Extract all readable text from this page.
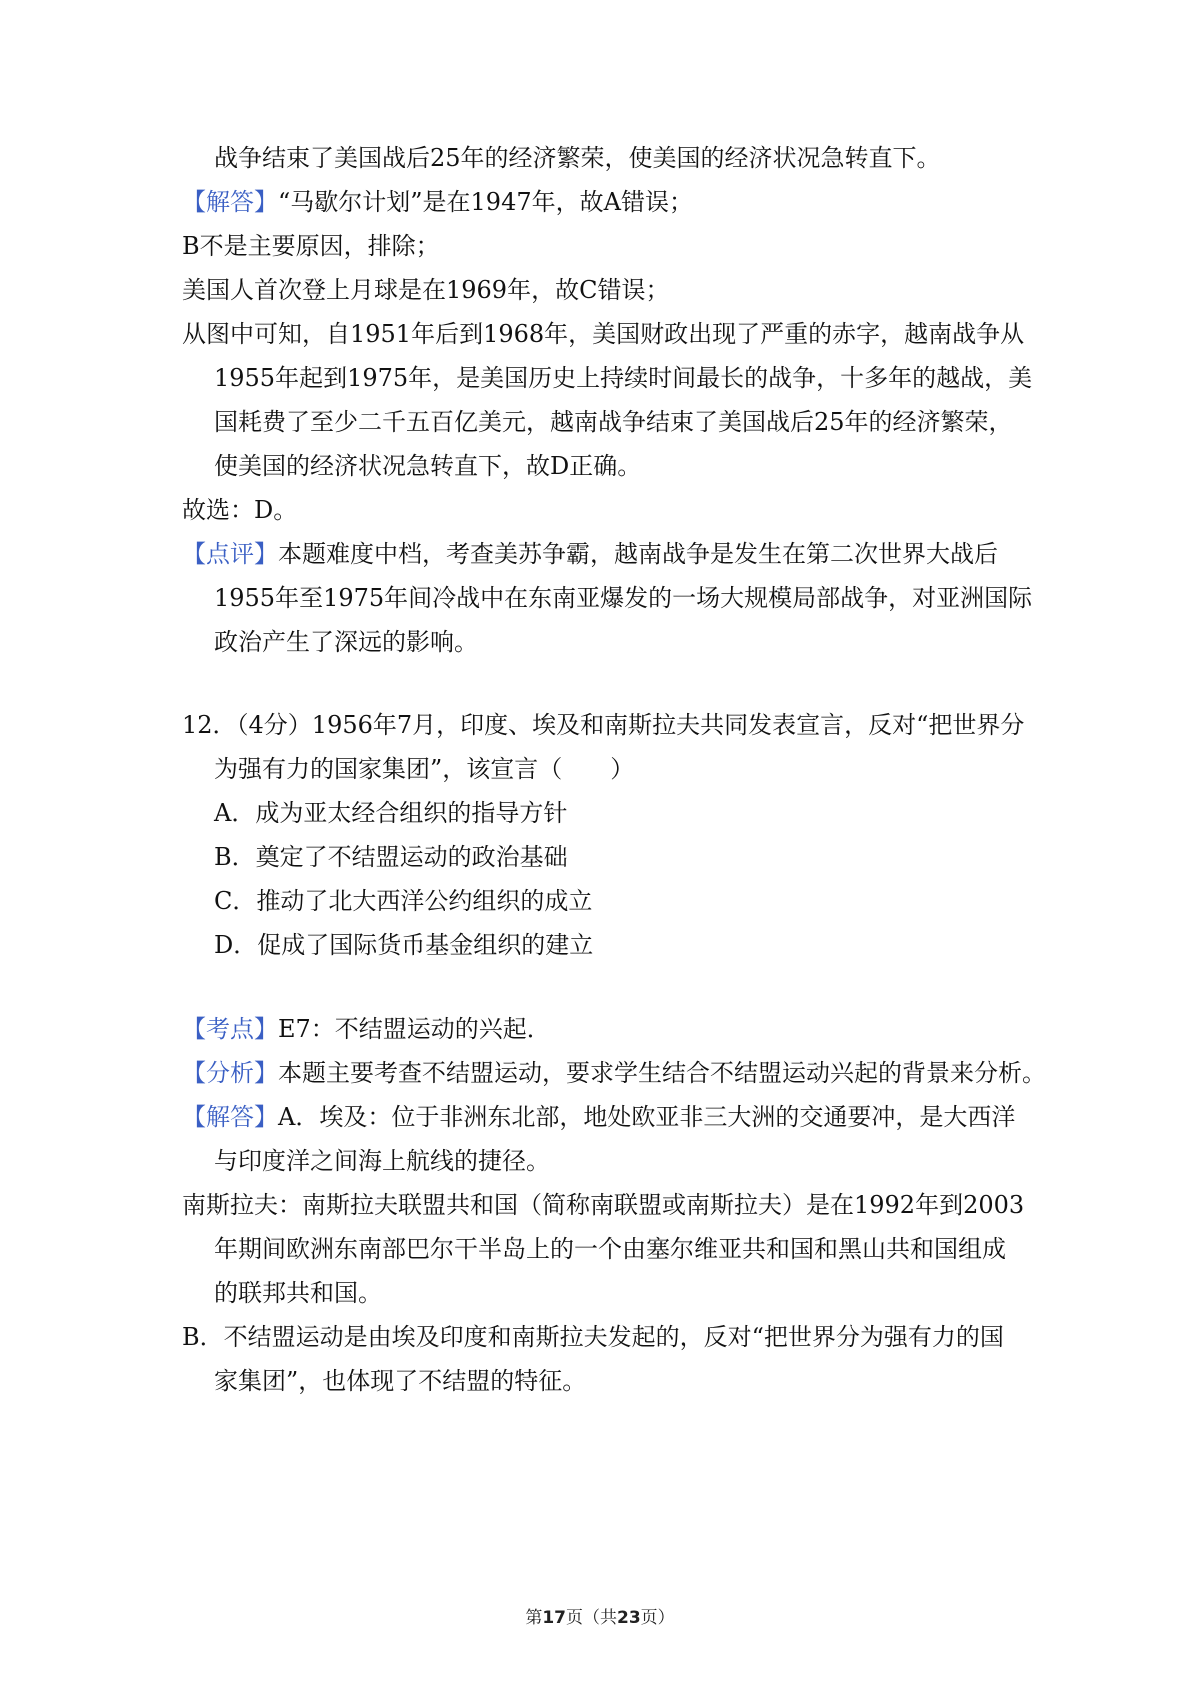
战争结束了美国战后25年的经济繁荣，使美国的经济状况急转直下。

【解答】“马歇尔计划”是在1947年，故A错误；

B不是主要原因，排除；

美国人首次登上月球是在1969年，故C错误；

从图中可知，自1951年后到1968年，美国财政出现了严重的赤字，越南战争从

1955年起到1975年，是美国历史上持续时间最长的战争，十多年的越战，美

国耗费了至少二千五百亿美元，越南战争结束了美国战后25年的经济繁荣，

使美国的经济状况急转直下，故D正确。

故选：D。

【点评】本题难度中档，考查美苏争霸，越南战争是发生在第二次世界大战后

1955年至1975年间冷战中在东南亚爆发的一场大规模局部战争，对亚洲国际

政治产生了深远的影响。

12．（4分）1956年7月，印度、埃及和南斯拉夫共同发表宣言，反对“把世界分

为强有力的国家集团”，该宣言（　　）

A．成为亚太经合组织的指导方针

B．奠定了不结盟运动的政治基础

C．推动了北大西洋公约组织的成立

D．促成了国际货币基金组织的建立

【考点】E7：不结盟运动的兴起．

【分析】本题主要考查不结盟运动，要求学生结合不结盟运动兴起的背景来分析。

【解答】A．埃及：位于非洲东北部，地处欧亚非三大洲的交通要冲，是大西洋

与印度洋之间海上航线的捷径。

南斯拉夫：南斯拉夫联盟共和国（简称南联盟或南斯拉夫）是在1992年到2003

年期间欧洲东南部巴尔干半岛上的一个由塞尔维亚共和国和黑山共和国组成

的联邦共和国。

B．不结盟运动是由埃及印度和南斯拉夫发起的，反对“把世界分为强有力的国

家集团”，也体现了不结盟的特征。

第17页（共23页）
